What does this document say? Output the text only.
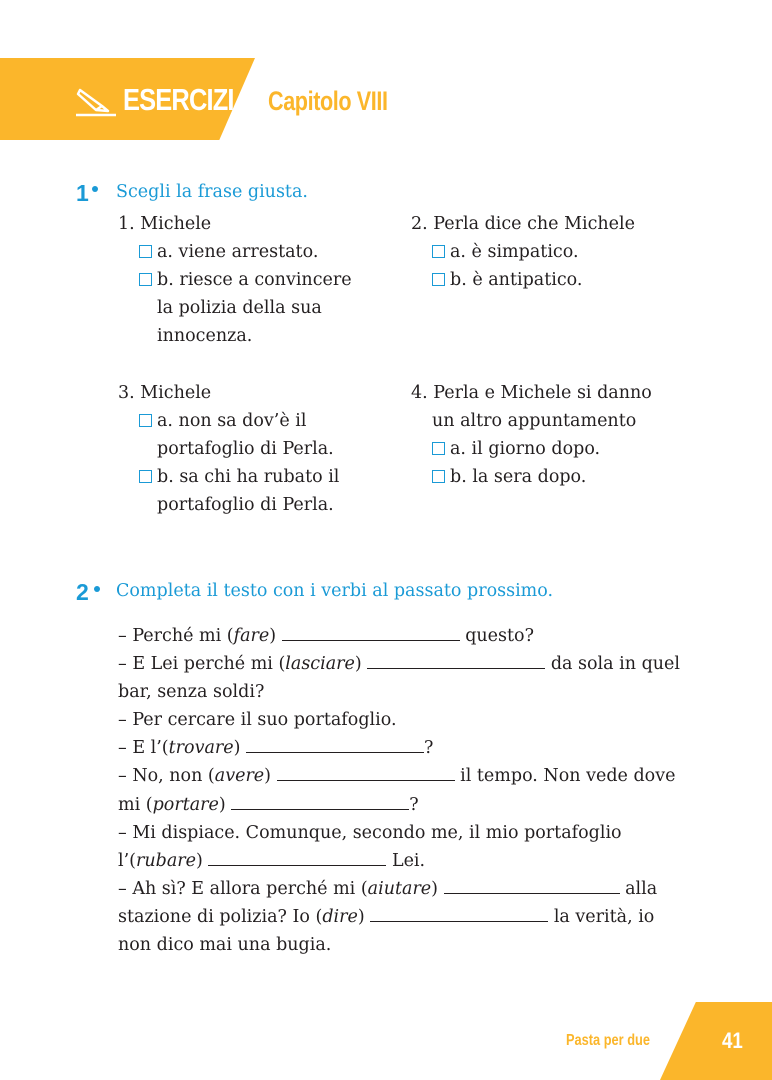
ESERCIZI Capitolo VIII
1 Scegli la frase giusta.
1. Michele
a. viene arrestato.
b. riesce a convincere
la polizia della sua
innocenza.
2. Perla dice che Michele
a. è simpatico.
b. è antipatico.
3. Michele
a. non sa dov’è il
portafoglio di Perla.
b. sa chi ha rubato il
portafoglio di Perla.
4. Perla e Michele si danno
un altro appuntamento
a. il giorno dopo.
b. la sera dopo.
2 Completa il testo con i verbi al passato prossimo.
– Perché mi (fare)	questo?
– E Lei perché mi (lasciare)	da sola in quel
bar, senza soldi?
– Per cercare il suo portafoglio.
– E l’(trovare)	?
– No, non (avere)	il tempo. Non vede dove
mi (portare)	?
– Mi dispiace. Comunque, secondo me, il mio portafoglio
l’(rubare)	Lei.
– Ah sì? E allora perché mi (aiutare)	alla
stazione di polizia? Io (dire)	la verità, io
non dico mai una bugia.
Pasta per due	41
